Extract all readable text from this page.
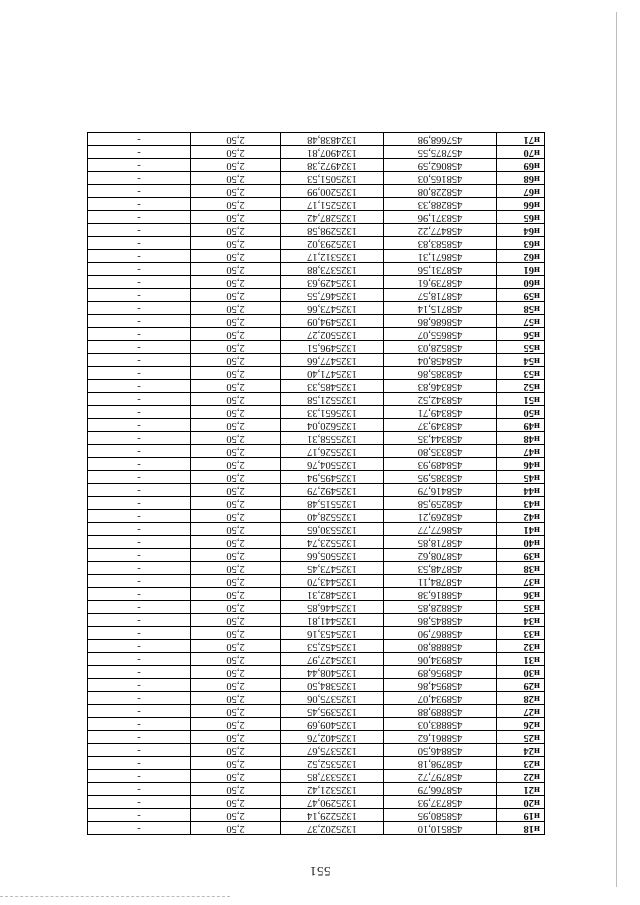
551
н18	458510,10	1325202,37	2,50	-
н19	458580,95	1325229,14	2,50	-
н20	458737,93	1325290,47	2,50	-
н21	458766,79	1325321,42	2,50	-
н22	458797,72	1325337,85	2,50	-
н23	458798,18	1325352,52	2,50	-
н24	458846,50	1325375,67	2,50	-
н25	458861,62	1325402,76	2,50	-
н26	458883,03	1325409,69	2,50	-
н27	458889,88	1325395,45	2,50	-
н28	458934,07	1325375,06	2,50	-
н29	458954,86	1325384,50	2,50	-
н30	458956,89	1325408,44	2,50	-
н31	458934,06	1325427,97	2,50	-
н32	458888,80	1325452,53	2,50	-
н33	458867,90	1325453,16	2,50	-
н34	458845,86	1325441,81	2,50	-
н35	458828,85	1325446,85	2,50	-
н36	458816,38	1325482,31	2,50	-
н37	458784,11	1325443,70	2,50	-
н38	458748,53	1325473,45	2,50	-
н39	458708,62	1325505,66	2,50	-
н40	458718,85	1325523,74	2,50	-
н41	458677,77	1325530,65	2,50	-
н42	458269,21	1325528,40	2,50	-
н43	458259,58	1325515,48	2,50	-
н44	458416,79	1325492,79	2,50	-
н45	458385,95	1325495,94	2,50	-
н46	458489,93	1325504,76	2,50	-
н47	458335,80	1325526,17	2,50	-
н48	458344,35	1325558,31	2,50	-
н49	458349,37	1325620,04	2,50	-
н50	458349,71	1325651,33	2,50	-
н51	458342,52	1325521,58	2,50	-
н52	458346,83	1325485,33	2,50	-
н53	458385,86	1325471,40	2,50	-
н54	458458,04	1325477,66	2,50	-
н55	458528,03	1325496,51	2,50	-
н56	458655,07	1325502,27	2,50	-
н57	458686,86	1325494,09	2,50	-
н58	458715,14	1325473,66	2,50	-
н59	458718,57	1325467,55	2,50	-
н60	458739,61	1325429,63	2,50	-
н61	458731,56	1325373,88	2,50	-
н62	458671,31	1325312,17	2,50	-
н63	458583,83	1325293,02	2,50	-
н64	458477,22	1325298,58	2,50	-
н65	458371,96	1325287,42	2,50	-
н66	458288,33	1325251,17	2,50	-
н67	458228,08	1325200,99	2,50	-
н68	458165,03	1325051,53	2,50	-
н69	458062,59	1324972,38	2,50	-
н70	457875,55	1324907,81	2,50	-
н71	457668,98	1324838,48	2,50	-
